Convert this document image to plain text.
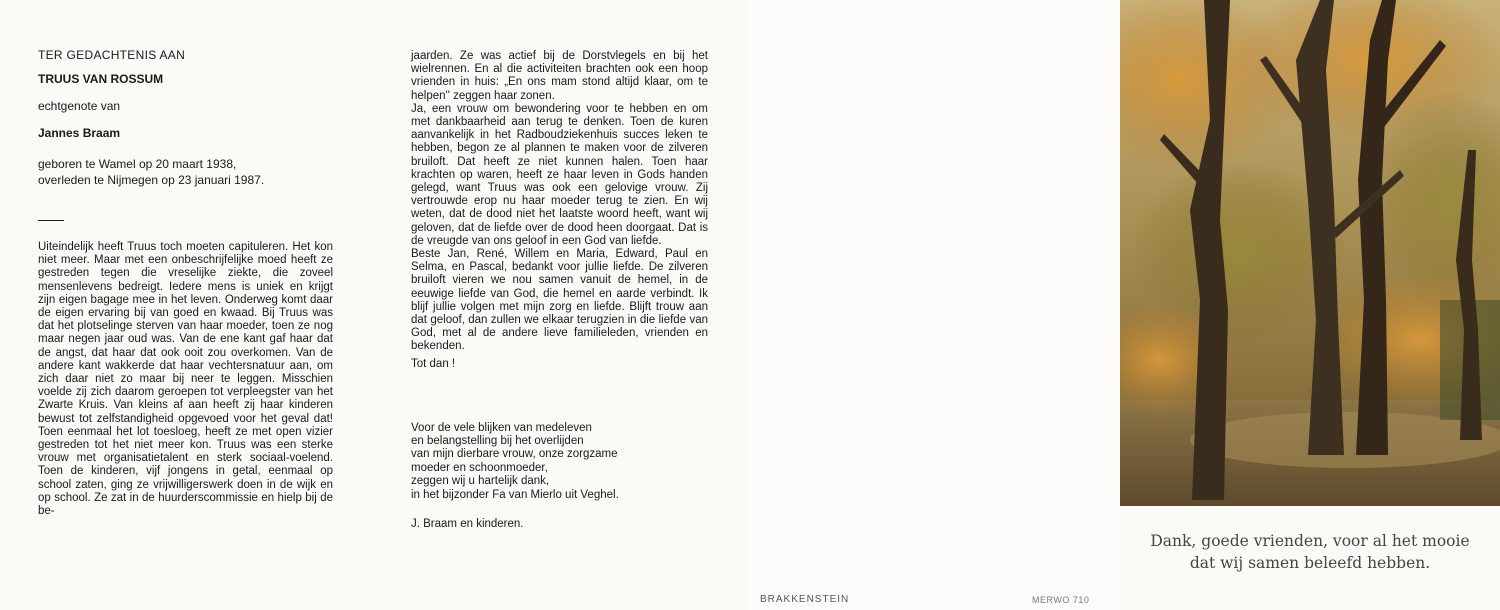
TER GEDACHTENIS AAN

TRUUS VAN ROSSUM

echtgenote van

Jannes Braam

geboren te Wamel op 20 maart 1938,

overleden te Nijmegen op 23 januari 1987.

Uiteindelijk heeft Truus toch moeten capituleren. Het kon niet meer. Maar met een onbeschrijfelijke moed heeft ze gestreden tegen die vreselijke ziekte, die zoveel mensenlevens bedreigt. Iedere mens is uniek en krijgt zijn eigen bagage mee in het leven. Onderweg komt daar de eigen ervaring bij van goed en kwaad. Bij Truus was dat het plotselinge sterven van haar moeder, toen ze nog maar negen jaar oud was. Van de ene kant gaf haar dat de angst, dat haar dat ook ooit zou overkomen. Van de andere kant wakkerde dat haar vechtersnatuur aan, om zich daar niet zo maar bij neer te leggen. Misschien voelde zij zich daarom geroepen tot verpleegster van het Zwarte Kruis. Van kleins af aan heeft zij haar kinderen bewust tot zelfstandigheid opgevoed voor het geval dat! Toen eenmaal het lot toesloeg, heeft ze met open vizier gestreden tot het niet meer kon. Truus was een sterke vrouw met organisatietalent en sterk sociaal-voelend. Toen de kinderen, vijf jongens in getal, eenmaal op school zaten, ging ze vrijwilligerswerk doen in de wijk en op school. Ze zat in de huurderscommissie en hielp bij de be-

jaarden. Ze was actief bij de Dorstvlegels en bij het wielrennen. En al die activiteiten brachten ook een hoop vrienden in huis: „En ons mam stond altijd klaar, om te helpen'' zeggen haar zonen.

Ja, een vrouw om bewondering voor te hebben en om met dankbaarheid aan terug te denken. Toen de kuren aanvankelijk in het Radboudziekenhuis succes leken te hebben, begon ze al plannen te maken voor de zilveren bruiloft. Dat heeft ze niet kunnen halen. Toen haar krachten op waren, heeft ze haar leven in Gods handen gelegd, want Truus was ook een gelovige vrouw. Zij vertrouwde erop nu haar moeder terug te zien. En wij weten, dat de dood niet het laatste woord heeft, want wij geloven, dat de liefde over de dood heen doorgaat. Dat is de vreugde van ons geloof in een God van liefde.

Beste Jan, René, Willem en Maria, Edward, Paul en Selma, en Pascal, bedankt voor jullie liefde. De zilveren bruiloft vieren we nou samen vanuit de hemel, in de eeuwige liefde van God, die hemel en aarde verbindt. Ik blijf jullie volgen met mijn zorg en liefde. Blijft trouw aan dat geloof, dan zullen we elkaar terugzien in die liefde van God, met al de andere lieve familieleden, vrienden en bekenden.

Tot dan !

Voor de vele blijken van medeleven

en belangstelling bij het overlijden

van mijn dierbare vrouw, onze zorgzame

moeder en schoonmoeder,

zeggen wij u hartelijk dank,

in het bijzonder Fa van Mierlo uit Veghel.

J. Braam en kinderen.

BRAKKENSTEIN	MERWO 710
Dank, goede vrienden, voor al het mooie
dat wij samen beleefd hebben.
